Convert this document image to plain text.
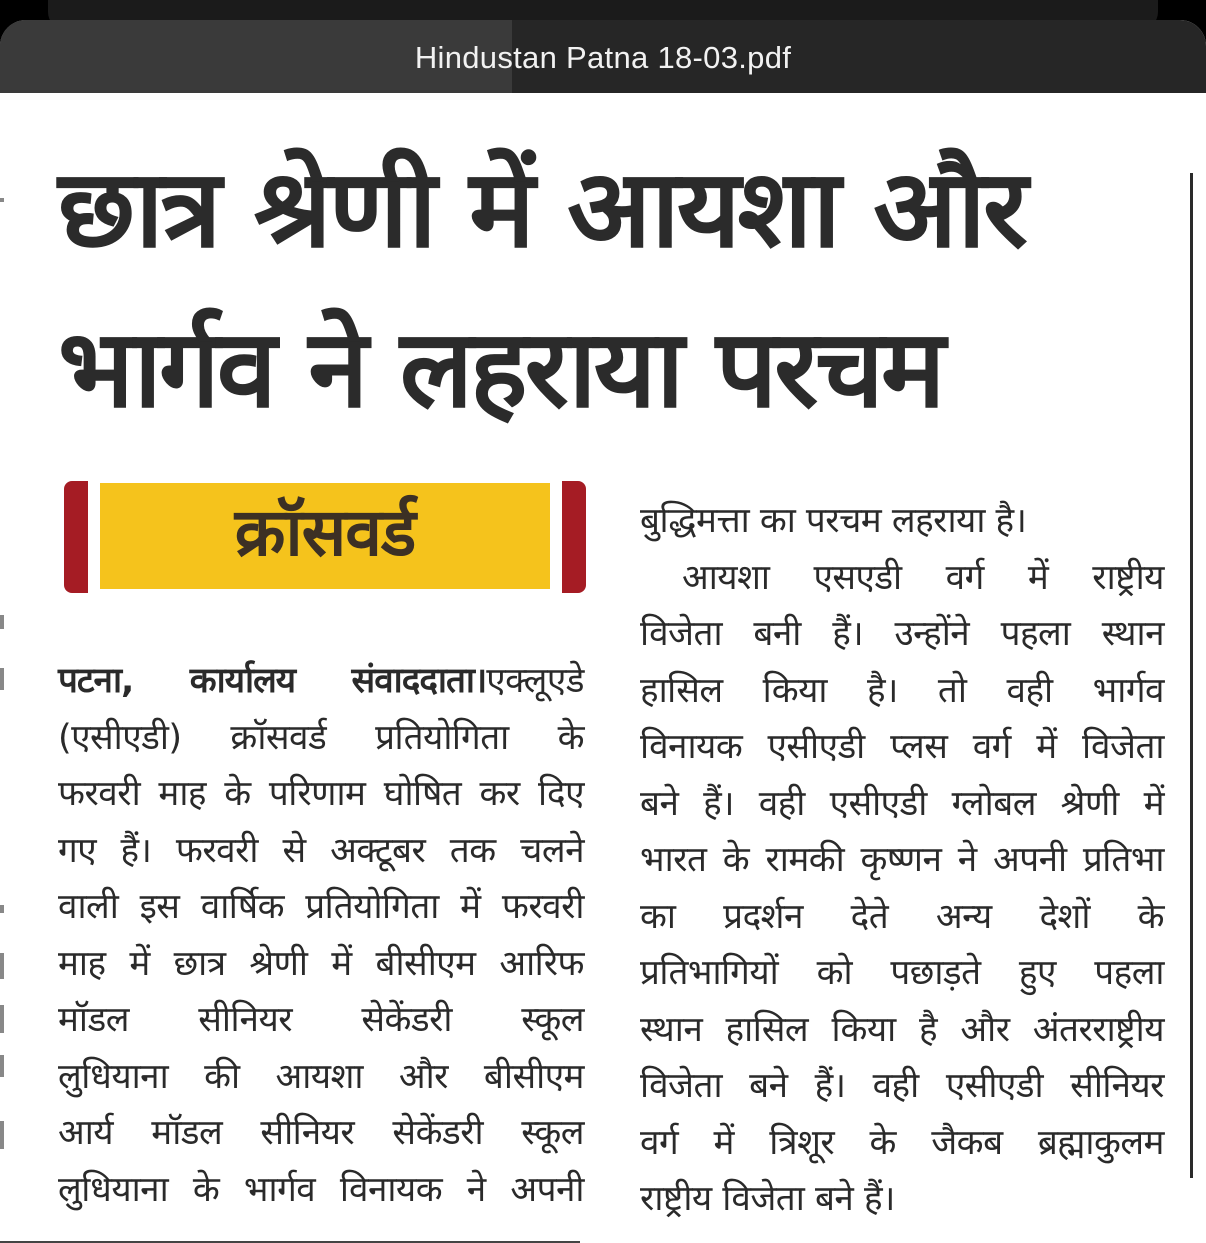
Hindustan Patna 18-03.pdf
छात्र श्रेणी में आयशा और
भार्गव ने लहराया परचम
क्रॉसवर्ड
पटना, कार्यालय संवाददाता।एक्लूएडे
(एसीएडी) क्रॉसवर्ड प्रतियोगिता के
फरवरी माह के परिणाम घोषित कर दिए
गए हैं। फरवरी से अक्टूबर तक चलने
वाली इस वार्षिक प्रतियोगिता में फरवरी
माह में छात्र श्रेणी में बीसीएम आरिफ
मॉडल सीनियर सेकेंडरी स्कूल
लुधियाना की आयशा और बीसीएम
आर्य मॉडल सीनियर सेकेंडरी स्कूल
लुधियाना के भार्गव विनायक ने अपनी
बुद्धिमत्ता का परचम लहराया है।
आयशा एसएडी वर्ग में राष्ट्रीय
विजेता बनी हैं। उन्होंने पहला स्थान
हासिल किया है। तो वही भार्गव
विनायक एसीएडी प्लस वर्ग में विजेता
बने हैं। वही एसीएडी ग्लोबल श्रेणी में
भारत के रामकी कृष्णन ने अपनी प्रतिभा
का प्रदर्शन देते अन्य देशों के
प्रतिभागियों को पछाड़ते हुए पहला
स्थान हासिल किया है और अंतरराष्ट्रीय
विजेता बने हैं। वही एसीएडी सीनियर
वर्ग में त्रिशूर के जैकब ब्रह्माकुलम
राष्ट्रीय विजेता बने हैं।
